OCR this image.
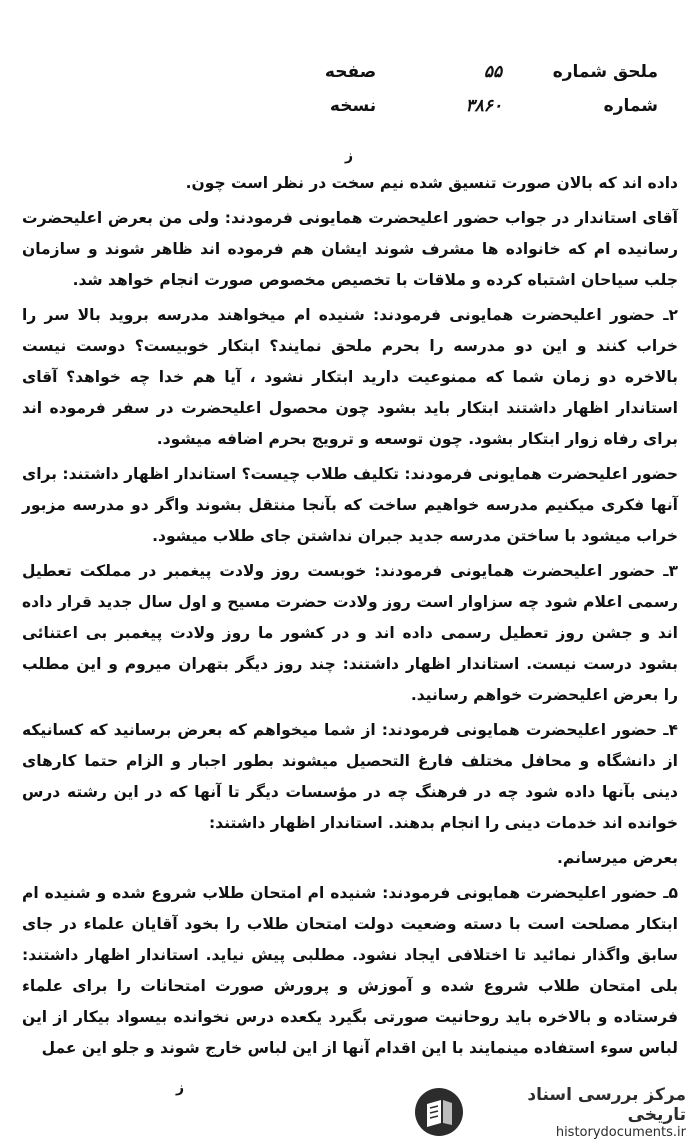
ملحق شماره ۵۵ صفحه
شماره ۳۸۶۰ نسخه
ز

داده اند که بالان صورت تنسیق شده نیم سخت در نظر است چون.

آقای استاندار در جواب حضور اعلیحضرت همایونی فرمودند: ولی من بعرض اعلیحضرت رسانیده ام که خانواده ها مشرف شوند ایشان هم فرموده اند ظاهر شوند و سازمان جلب سیاحان اشتباه کرده و ملاقات با تخصیص مخصوص صورت انجام خواهد شد.

۲ـ حضور اعلیحضرت همایونی فرمودند: شنیده ام میخواهند مدرسه بروید بالا سر را خراب کنند و این دو مدرسه را بحرم ملحق نمایند؟ ابتکار خوبیست؟ دوست نیست بالاخره دو زمان شما که ممنوعیت دارید ابتکار نشود ، آیا هم خدا چه خواهد؟ آقای استاندار اظهار داشتند ابتکار باید بشود چون محصول اعلیحضرت در سفر فرموده اند برای رفاه زوار ابتکار بشود. چون توسعه و ترویج بحرم اضافه میشود.

حضور اعلیحضرت همایونی فرمودند: تکلیف طلاب چیست؟ استاندار اظهار داشتند: برای آنها فکری میکنیم مدرسه خواهیم ساخت که بآنجا منتقل بشوند واگر دو مدرسه مزبور خراب میشود با ساختن مدرسه جدید جبران نداشتن جای طلاب میشود.

۳ـ حضور اعلیحضرت همایونی فرمودند: خوبست روز ولادت پیغمبر در مملکت تعطیل رسمی اعلام شود چه سزاوار است روز ولادت حضرت مسیح و اول سال جدید قرار داده اند و جشن روز تعطیل رسمی داده اند و در کشور ما روز ولادت پیغمبر بی اعتنائی بشود درست نیست. استاندار اظهار داشتند: چند روز دیگر بتهران میروم و این مطلب را بعرض اعلیحضرت خواهم رسانید.

۴ـ حضور اعلیحضرت همایونی فرمودند: از شما میخواهم که بعرض برسانید که کسانیکه از دانشگاه و محافل مختلف فارغ التحصیل میشوند بطور اجبار و الزام حتما کارهای دینی بآنها داده شود چه در فرهنگ چه در مؤسسات دیگر تا آنها که در این رشته درس خوانده اند خدمات دینی را انجام بدهند. استاندار اظهار داشتند:

بعرض میرسانم.

۵ـ حضور اعلیحضرت همایونی فرمودند: شنیده ام امتحان طلاب شروع شده و شنیده ام ابتکار مصلحت است با دسته وضعیت دولت امتحان طلاب را بخود آقایان علماء در جای سابق واگذار نمائید تا اختلافی ایجاد نشود. مطلبی پیش نیاید. استاندار اظهار داشتند: بلی امتحان طلاب شروع شده و آموزش و پرورش صورت امتحانات را برای علماء فرستاده و بالاخره باید روحانیت صورتی بگیرد یکعده درس نخوانده بیسواد بیکار از این لباس سوء استفاده مینمایند با این اقدام آنها از این لباس خارج شوند و جلو این عمل

ز	مرکز بررسی اسناد تاریخی
historydocuments.ir
